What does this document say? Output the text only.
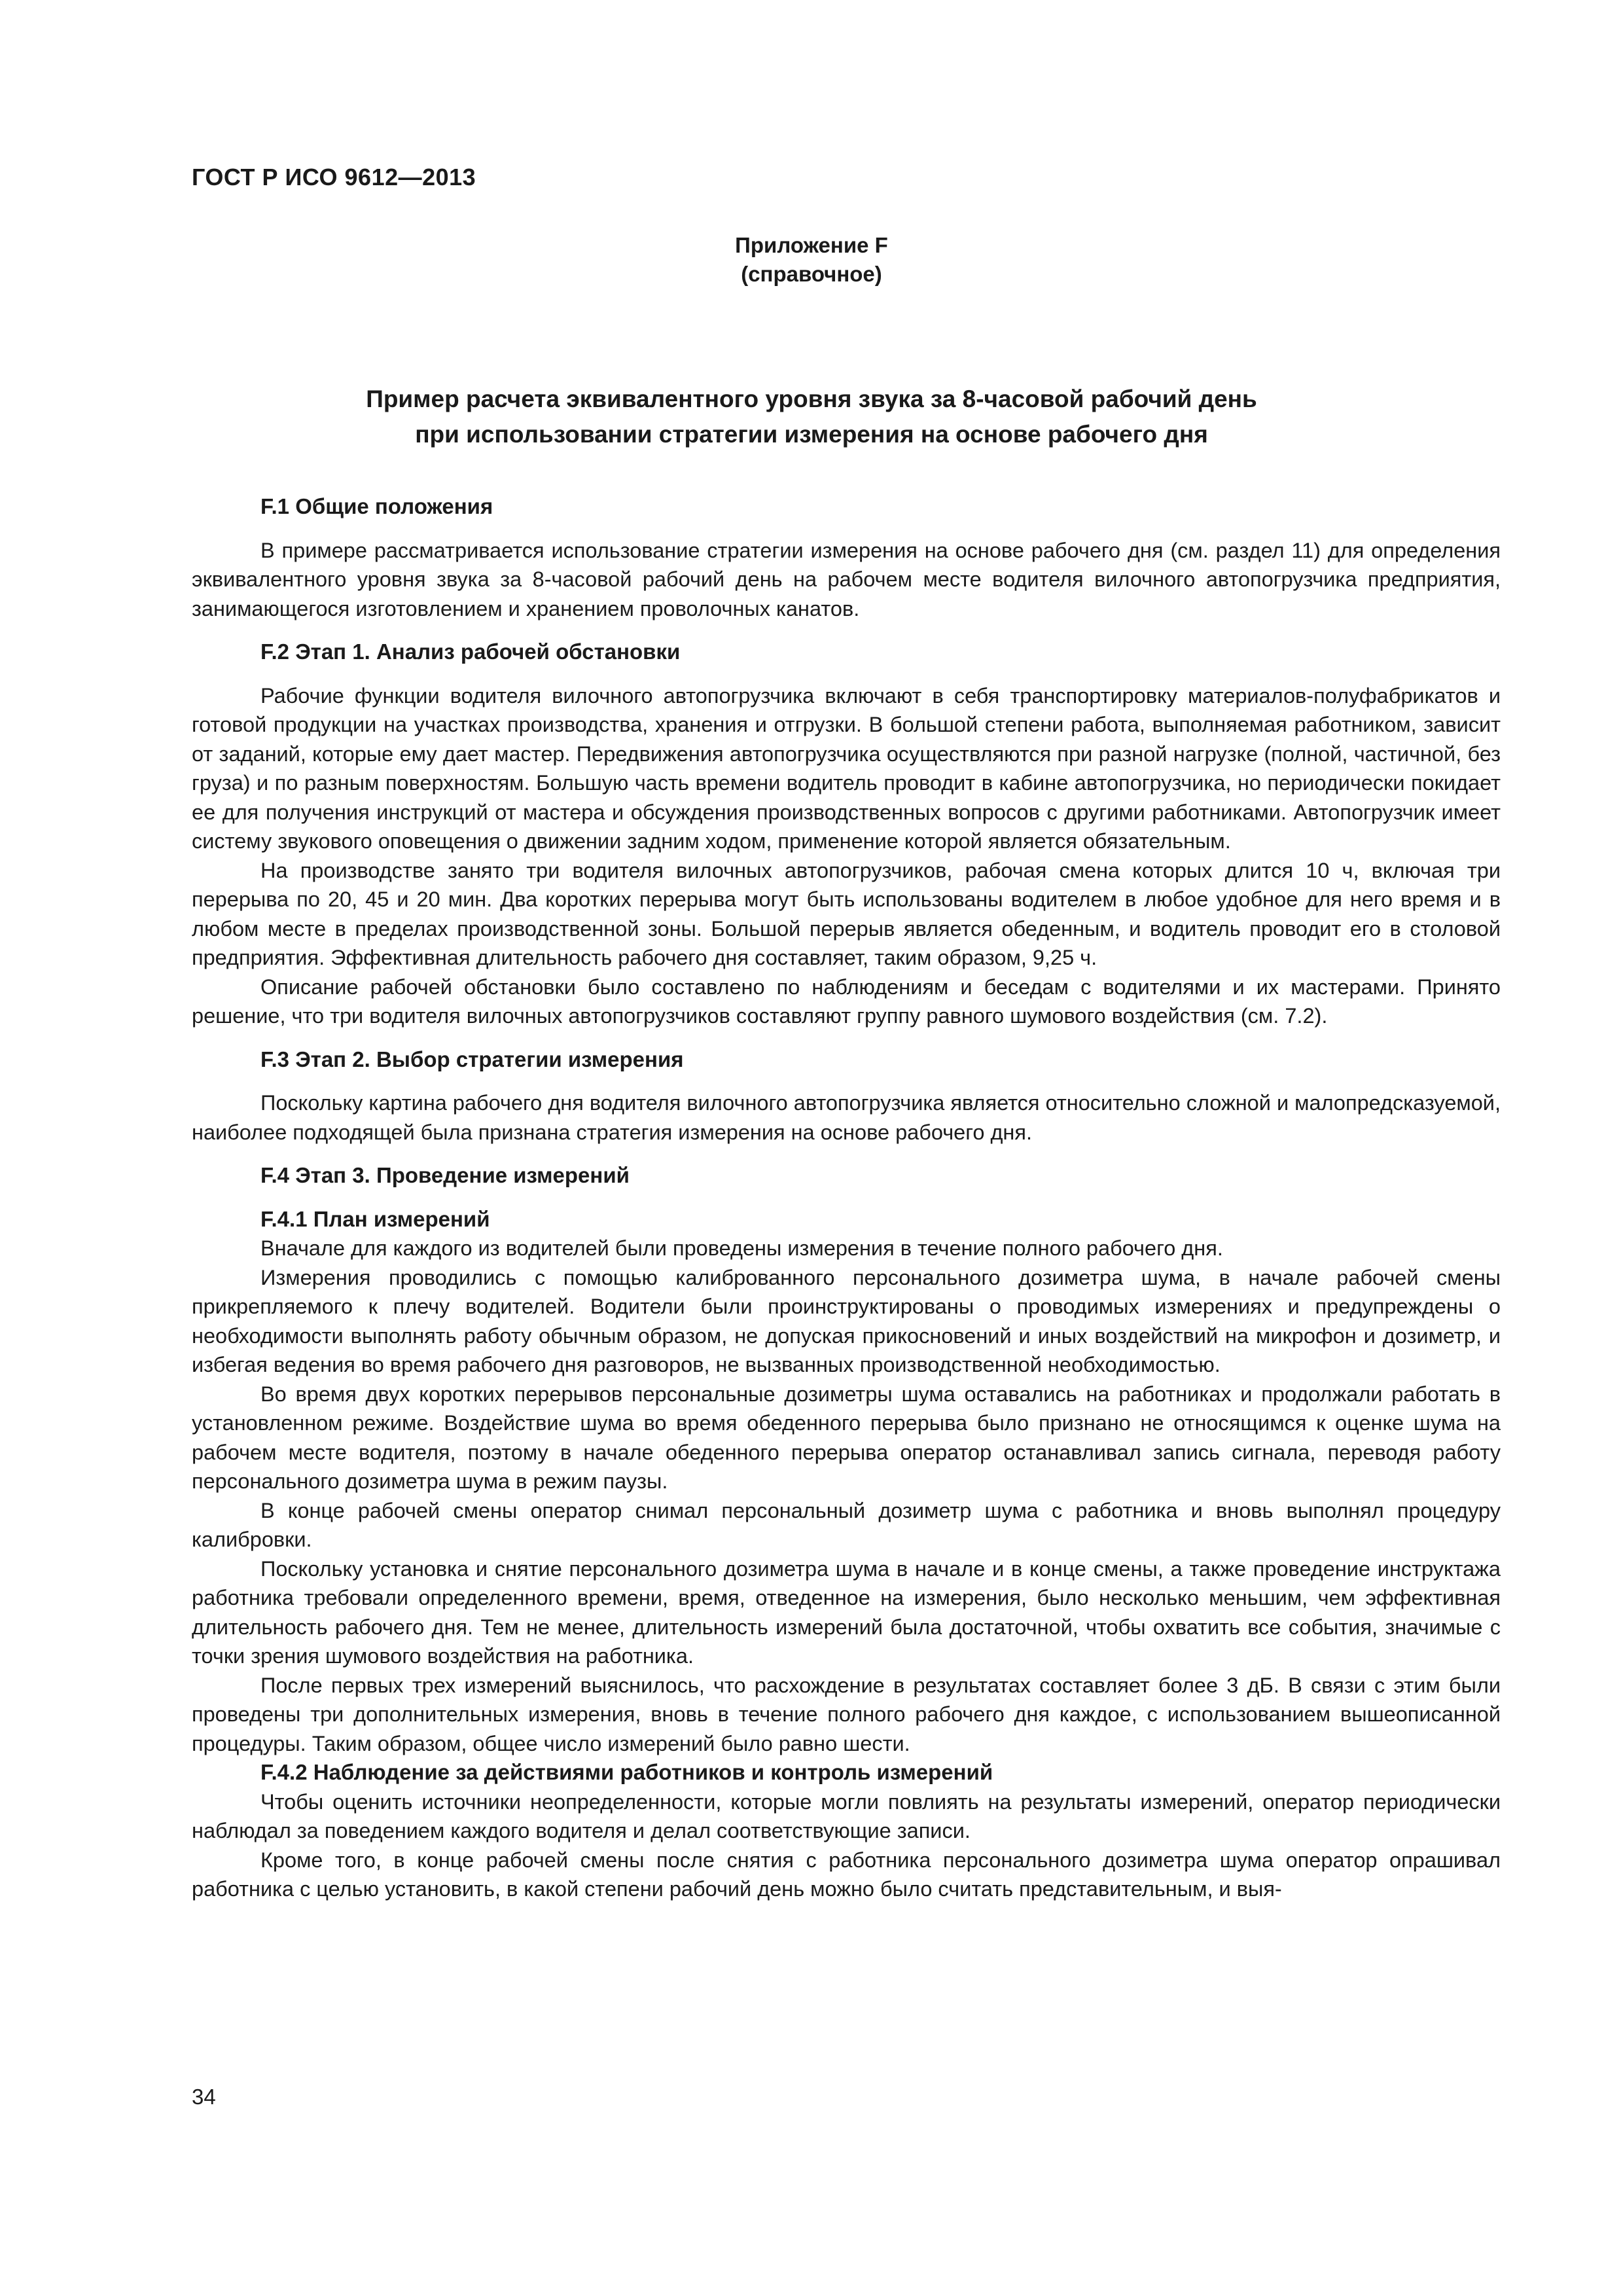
ГОСТ Р ИСО 9612—2013
Приложение F
(справочное)
Пример расчета эквивалентного уровня звука за 8-часовой рабочий день
при использовании стратегии измерения на основе рабочего дня
F.1 Общие положения

В примере рассматривается использование стратегии измерения на основе рабочего дня (см. раздел 11) для определения эквивалентного уровня звука за 8-часовой рабочий день на рабочем месте водителя вилочного автопогрузчика предприятия, занимающегося изготовлением и хранением проволочных канатов.

F.2 Этап 1. Анализ рабочей обстановки

Рабочие функции водителя вилочного автопогрузчика включают в себя транспортировку материалов-полуфабрикатов и готовой продукции на участках производства, хранения и отгрузки. В большой степени работа, выполняемая работником, зависит от заданий, которые ему дает мастер. Передвижения автопогрузчика осуществляются при разной нагрузке (полной, частичной, без груза) и по разным поверхностям. Большую часть времени водитель проводит в кабине автопогрузчика, но периодически покидает ее для получения инструкций от мастера и обсуждения производственных вопросов с другими работниками. Автопогрузчик имеет систему звукового оповещения о движении задним ходом, применение которой является обязательным.

На производстве занято три водителя вилочных автопогрузчиков, рабочая смена которых длится 10 ч, включая три перерыва по 20, 45 и 20 мин. Два коротких перерыва могут быть использованы водителем в любое удобное для него время и в любом месте в пределах производственной зоны. Большой перерыв является обеденным, и водитель проводит его в столовой предприятия. Эффективная длительность рабочего дня составляет, таким образом, 9,25 ч.

Описание рабочей обстановки было составлено по наблюдениям и беседам с водителями и их мастерами. Принято решение, что три водителя вилочных автопогрузчиков составляют группу равного шумового воздействия (см. 7.2).

F.3 Этап 2. Выбор стратегии измерения

Поскольку картина рабочего дня водителя вилочного автопогрузчика является относительно сложной и малопредсказуемой, наиболее подходящей была признана стратегия измерения на основе рабочего дня.

F.4 Этап 3. Проведение измерений
F.4.1 План измерений

Вначале для каждого из водителей были проведены измерения в течение полного рабочего дня.

Измерения проводились с помощью калиброванного персонального дозиметра шума, в начале рабочей смены прикрепляемого к плечу водителей. Водители были проинструктированы о проводимых измерениях и предупреждены о необходимости выполнять работу обычным образом, не допуская прикосновений и иных воздействий на микрофон и дозиметр, и избегая ведения во время рабочего дня разговоров, не вызванных производственной необходимостью.

Во время двух коротких перерывов персональные дозиметры шума оставались на работниках и продолжали работать в установленном режиме. Воздействие шума во время обеденного перерыва было признано не относящимся к оценке шума на рабочем месте водителя, поэтому в начале обеденного перерыва оператор останавливал запись сигнала, переводя работу персонального дозиметра шума в режим паузы.

В конце рабочей смены оператор снимал персональный дозиметр шума с работника и вновь выполнял процедуру калибровки.

Поскольку установка и снятие персонального дозиметра шума в начале и в конце смены, а также проведение инструктажа работника требовали определенного времени, время, отведенное на измерения, было несколько меньшим, чем эффективная длительность рабочего дня. Тем не менее, длительность измерений была достаточной, чтобы охватить все события, значимые с точки зрения шумового воздействия на работника.

После первых трех измерений выяснилось, что расхождение в результатах составляет более 3 дБ. В связи с этим были проведены три дополнительных измерения, вновь в течение полного рабочего дня каждое, с использованием вышеописанной процедуры. Таким образом, общее число измерений было равно шести.

F.4.2 Наблюдение за действиями работников и контроль измерений

Чтобы оценить источники неопределенности, которые могли повлиять на результаты измерений, оператор периодически наблюдал за поведением каждого водителя и делал соответствующие записи.

Кроме того, в конце рабочей смены после снятия с работника персонального дозиметра шума оператор опрашивал работника с целью установить, в какой степени рабочий день можно было считать представительным, и выя-

34
